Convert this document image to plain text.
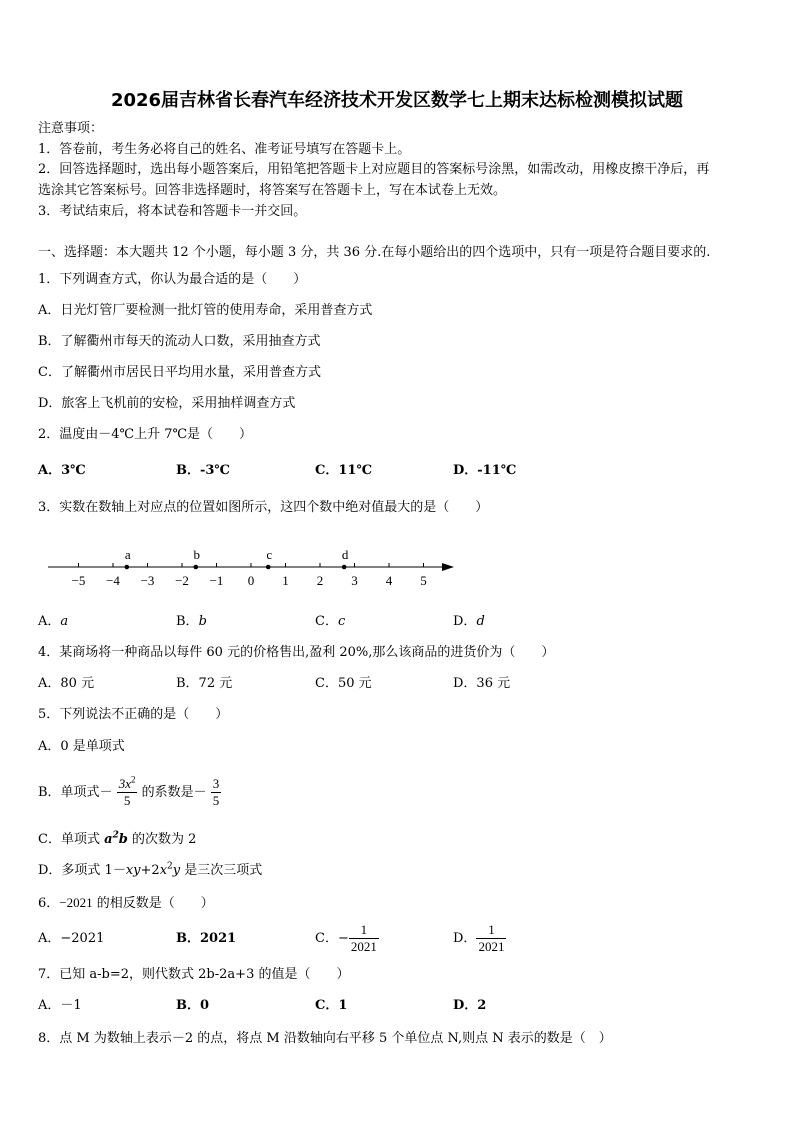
2026届吉林省长春汽车经济技术开发区数学七上期末达标检测模拟试题
注意事项：
1．答卷前，考生务必将自己的姓名、准考证号填写在答题卡上。
2．回答选择题时，选出每小题答案后，用铅笔把答题卡上对应题目的答案标号涂黑，如需改动，用橡皮擦干净后，再
选涂其它答案标号。回答非选择题时，将答案写在答题卡上，写在本试卷上无效。
3．考试结束后，将本试卷和答题卡一并交回。
一、选择题：本大题共 12 个小题，每小题 3 分，共 36 分.在每小题给出的四个选项中，只有一项是符合题目要求的.
1．下列调查方式，你认为最合适的是（　　）
A．日光灯管厂要检测一批灯管的使用寿命，采用普查方式
B．了解衢州市每天的流动人口数，采用抽查方式
C．了解衢州市居民日平均用水量，采用普查方式
D．旅客上飞机前的安检，采用抽样调查方式
2．温度由－4℃上升 7℃是（　　）
A．3℃	B．-3℃	C．11℃	D．-11℃
3．实数在数轴上对应点的位置如图所示，这四个数中绝对值最大的是（　　）
−5 −4 −3 −2 −1 0 1 2 3 4 5
a	b	c	d
A．a	B．b	C．c	D．d
4．某商场将一种商品以每件 60 元的价格售出,盈利 20%,那么该商品的进货价为（　　）
A．80 元	B．72 元	C．50 元	D．36 元
5．下列说法不正确的是（　　）
A．0 是单项式
B．单项式－ $\frac{3x^2}{5}$ 的系数是－ $\frac{3}{5}$
C．单项式 $a^2b$ 的次数为 2
D．多项式 $1-xy+2x^2y$ 是三次三项式
6．−2021 的相反数是（　　）
A．−2021	B．2021	C．− $\frac{1}{2021}$	D． $\frac{1}{2021}$
7．已知 a-b=2，则代数式 2b-2a+3 的值是（　　）
A．－1	B．0	C．1	D．2
8．点 M 为数轴上表示－2 的点，将点 M 沿数轴向右平移 5 个单位点 N,则点 N 表示的数是（　）
